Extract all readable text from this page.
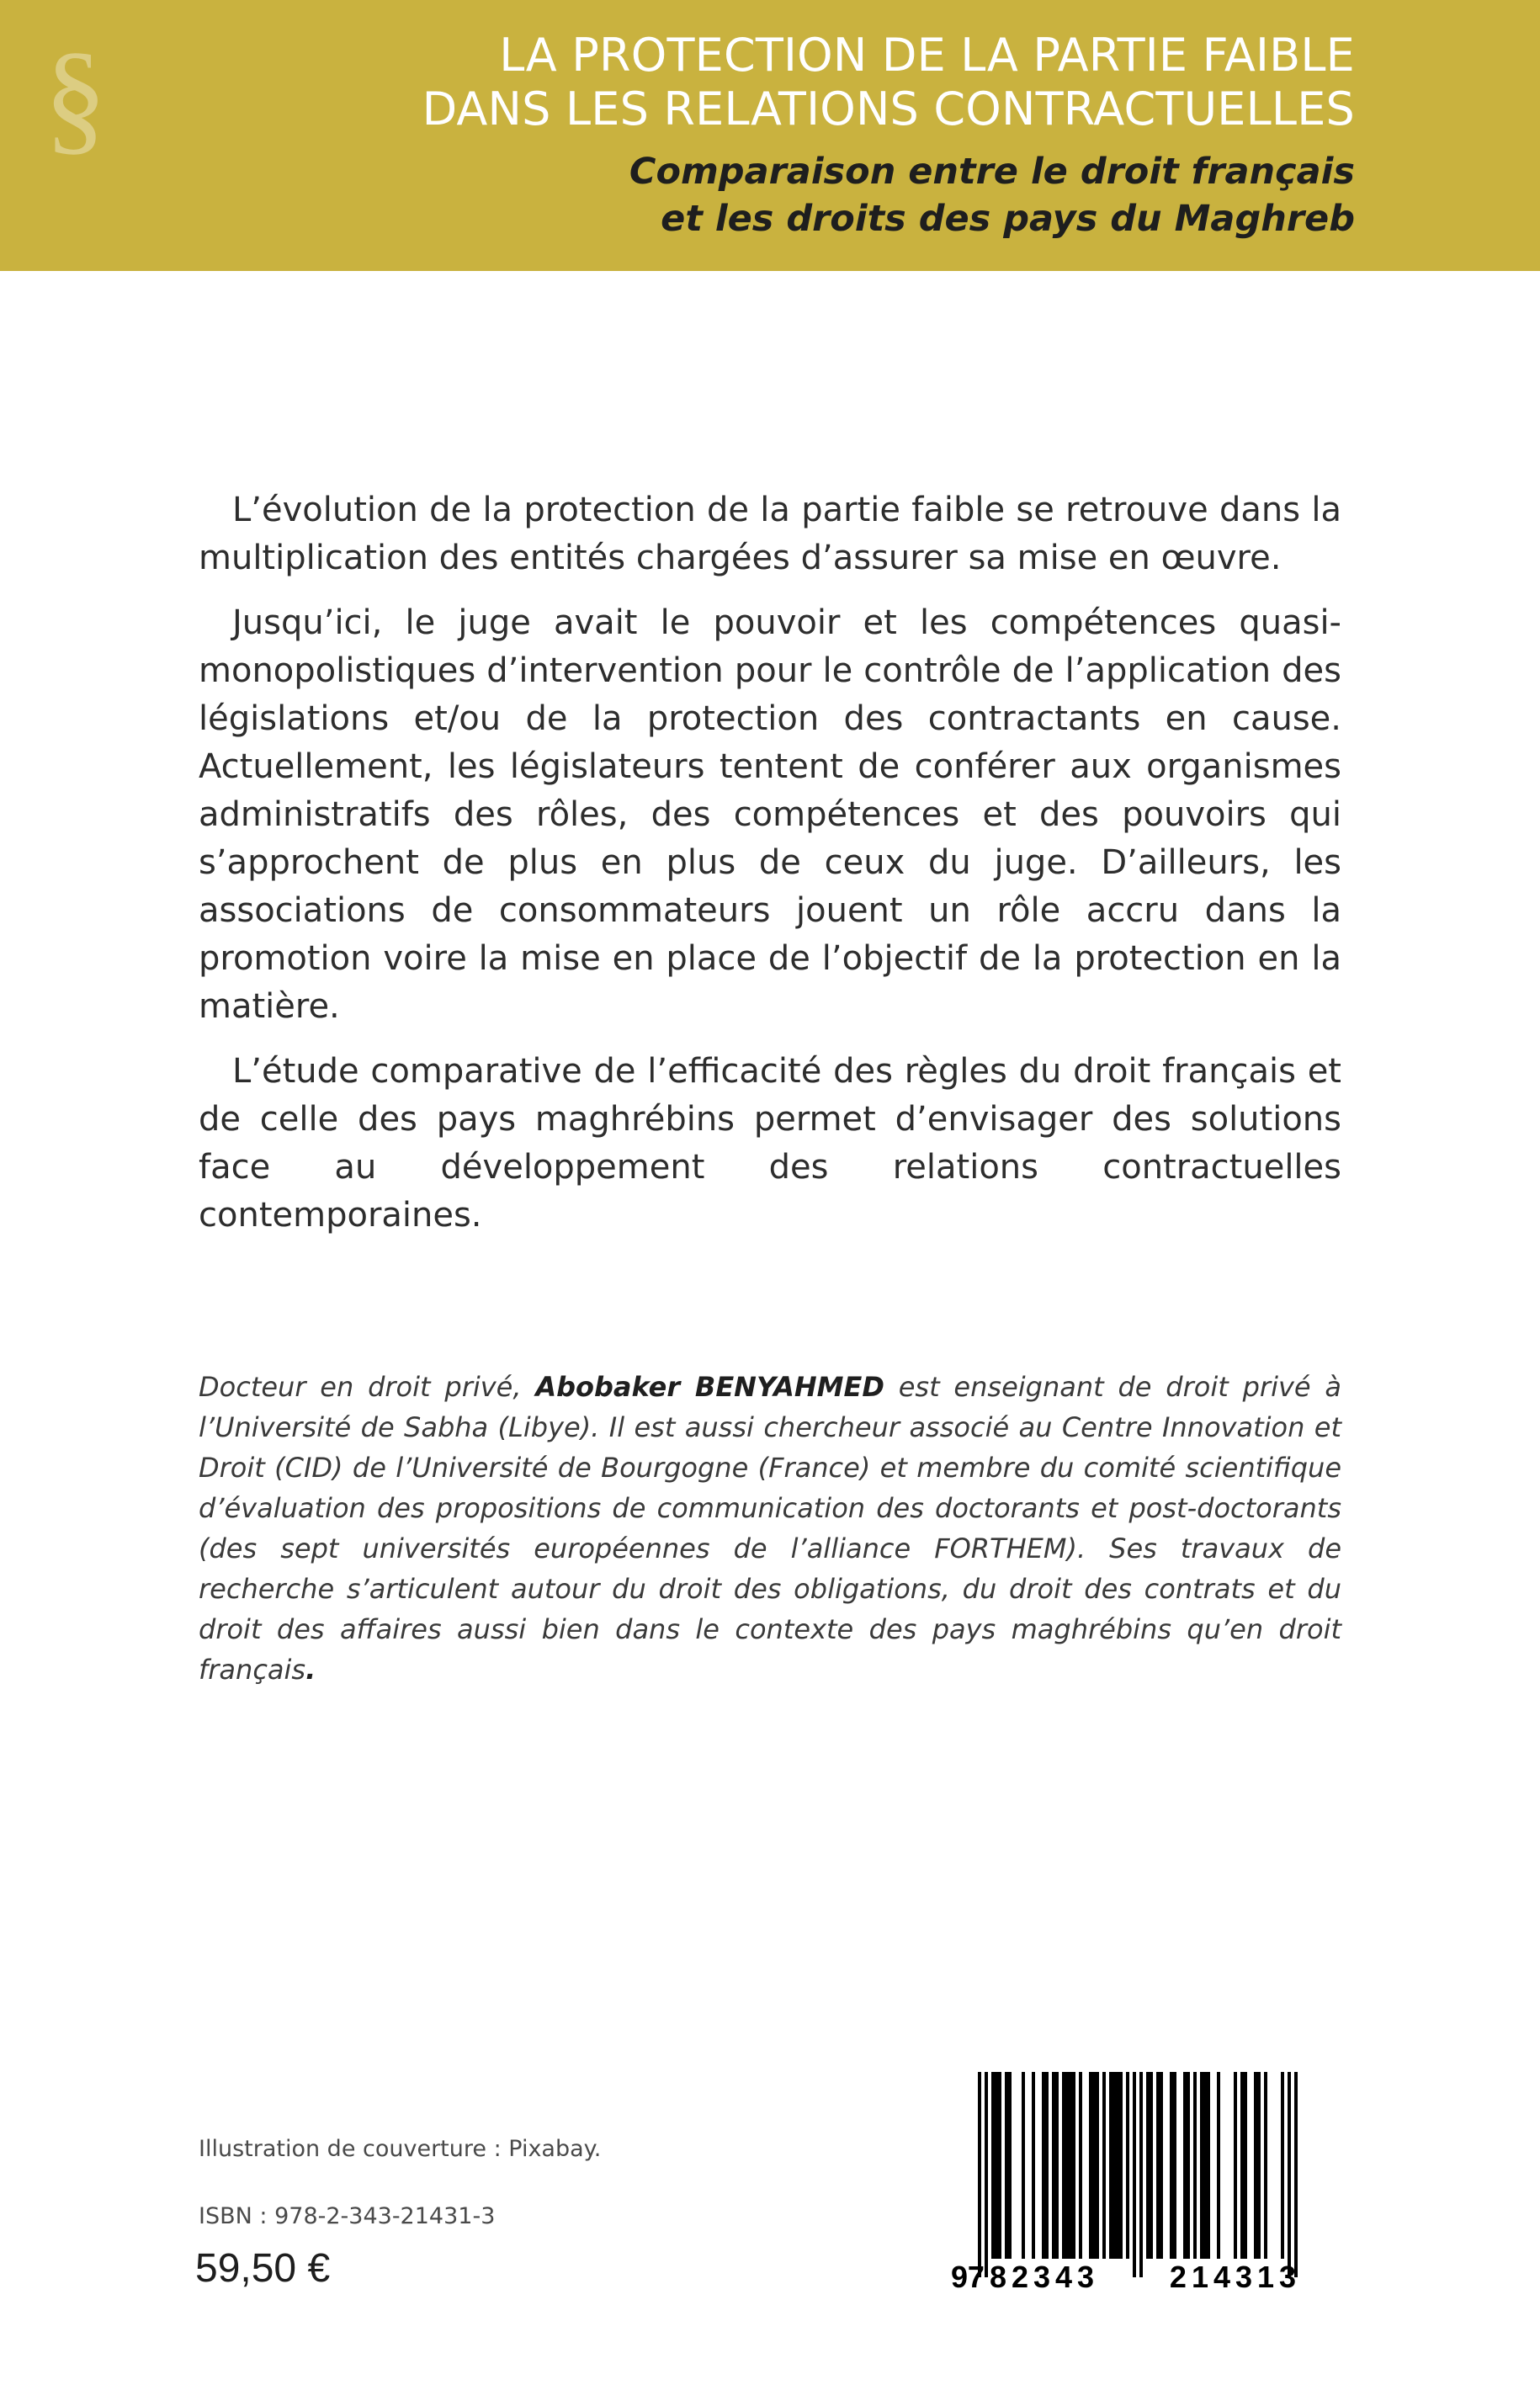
§	LA PROTECTION DE LA PARTIE FAIBLE
DANS LES RELATIONS CONTRACTUELLES
Comparaison entre le droit français
et les droits des pays du Maghreb

L’évolution de la protection de la partie faible se retrouve dans la multiplication des entités chargées d’assurer sa mise en œuvre.

Jusqu’ici, le juge avait le pouvoir et les compétences quasi-monopolistiques d’intervention pour le contrôle de l’application des législations et/ou de la protection des contractants en cause. Actuellement, les législateurs tentent de conférer aux organismes administratifs des rôles, des compétences et des pouvoirs qui s’approchent de plus en plus de ceux du juge. D’ailleurs, les associations de consommateurs jouent un rôle accru dans la promotion voire la mise en place de l’objectif de la protection en la matière.

L’étude comparative de l’efficacité des règles du droit français et de celle des pays maghrébins permet d’envisager des solutions face au développement des relations contractuelles contemporaines.

Docteur en droit privé, Abobaker BENYAHMED est enseignant de droit privé à l’Université de Sabha (Libye). Il est aussi chercheur associé au Centre Innovation et Droit (CID) de l’Université de Bourgogne (France) et membre du comité scientifique d’évaluation des propositions de communication des doctorants et post-doctorants (des sept universités européennes de l’alliance FORTHEM). Ses travaux de recherche s’articulent autour du droit des obligations, du droit des contrats et du droit des affaires aussi bien dans le contexte des pays maghrébins qu’en droit français.

Illustration de couverture : Pixabay.
ISBN : 978-2-343-21431-3
59,50 €	9 782343 214313
